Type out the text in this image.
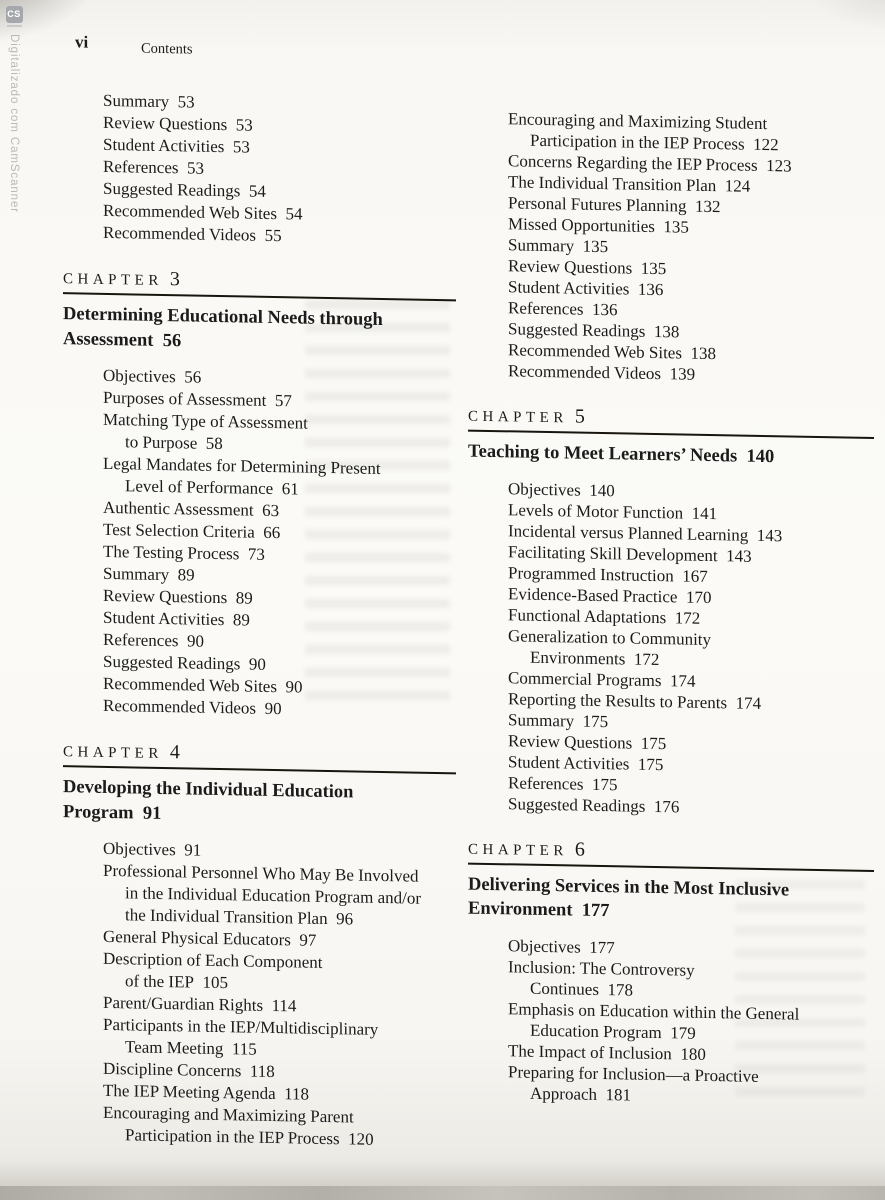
CS
Digitalizado com CamScanner	vi	Contents
Summary 53
Review Questions 53
Student Activities 53
References 53
Suggested Readings 54
Recommended Web Sites 54
Recommended Videos 55
CHAPTER 3
Determining Educational Needs through
Assessment 56
Objectives 56
Purposes of Assessment 57
Matching Type of Assessment
to Purpose 58
Legal Mandates for Determining Present
Level of Performance 61
Authentic Assessment 63
Test Selection Criteria 66
The Testing Process 73
Summary 89
Review Questions 89
Student Activities 89
References 90
Suggested Readings 90
Recommended Web Sites 90
Recommended Videos 90
CHAPTER 4
Developing the Individual Education
Program 91
Objectives 91
Professional Personnel Who May Be Involved
in the Individual Education Program and/or
the Individual Transition Plan 96
General Physical Educators 97
Description of Each Component
of the IEP 105
Parent/Guardian Rights 114
Participants in the IEP/Multidisciplinary
Team Meeting 115
Discipline Concerns 118
The IEP Meeting Agenda 118
Encouraging and Maximizing Parent
Participation in the IEP Process 120
Encouraging and Maximizing Student
Participation in the IEP Process 122
Concerns Regarding the IEP Process 123
The Individual Transition Plan 124
Personal Futures Planning 132
Missed Opportunities 135
Summary 135
Review Questions 135
Student Activities 136
References 136
Suggested Readings 138
Recommended Web Sites 138
Recommended Videos 139
CHAPTER 5
Teaching to Meet Learners’ Needs 140
Objectives 140
Levels of Motor Function 141
Incidental versus Planned Learning 143
Facilitating Skill Development 143
Programmed Instruction 167
Evidence-Based Practice 170
Functional Adaptations 172
Generalization to Community
Environments 172
Commercial Programs 174
Reporting the Results to Parents 174
Summary 175
Review Questions 175
Student Activities 175
References 175
Suggested Readings 176
CHAPTER 6
Delivering Services in the Most Inclusive
Environment 177
Objectives 177
Inclusion: The Controversy
Continues 178
Emphasis on Education within the General
Education Program 179
The Impact of Inclusion 180
Preparing for Inclusion—a Proactive
Approach 181
